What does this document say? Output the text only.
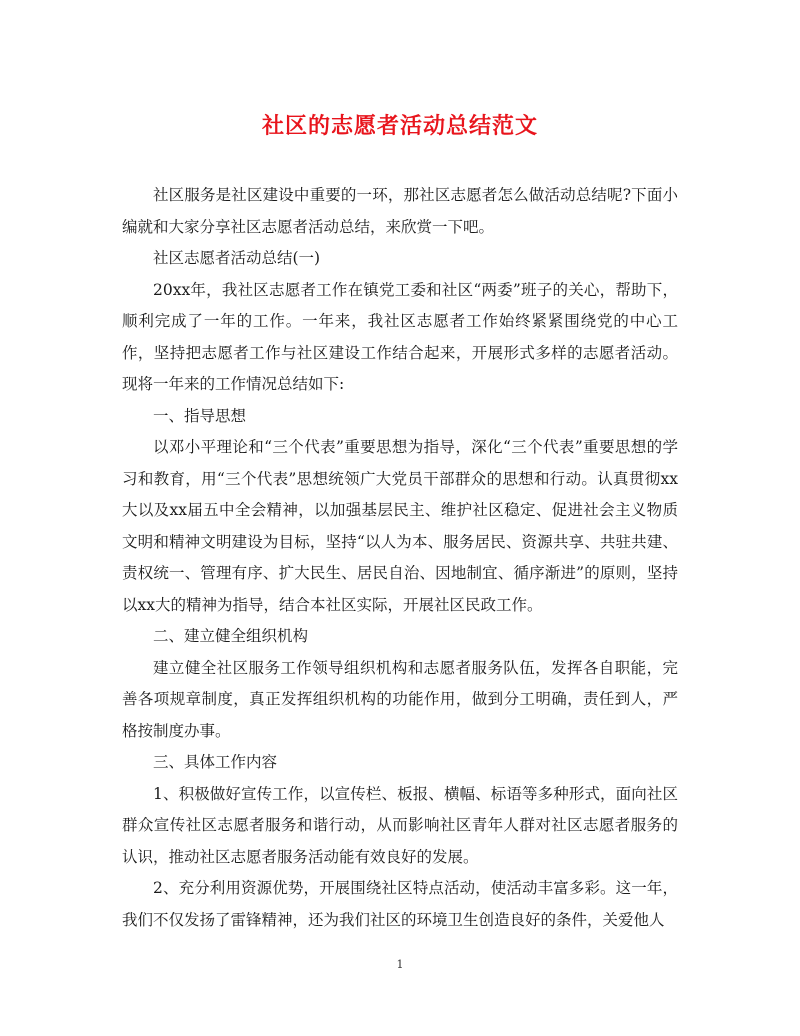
社区的志愿者活动总结范文

社区服务是社区建设中重要的一环，那社区志愿者怎么做活动总结呢?下面小编就和大家分享社区志愿者活动总结，来欣赏一下吧。

社区志愿者活动总结(一)

20xx年，我社区志愿者工作在镇党工委和社区“两委”班子的关心，帮助下，顺利完成了一年的工作。一年来，我社区志愿者工作始终紧紧围绕党的中心工作，坚持把志愿者工作与社区建设工作结合起来，开展形式多样的志愿者活动。现将一年来的工作情况总结如下:

一、指导思想

以邓小平理论和“三个代表”重要思想为指导，深化“三个代表”重要思想的学习和教育，用“三个代表”思想统领广大党员干部群众的思想和行动。认真贯彻xx大以及xx届五中全会精神，以加强基层民主、维护社区稳定、促进社会主义物质文明和精神文明建设为目标，坚持“以人为本、服务居民、资源共享、共驻共建、责权统一、管理有序、扩大民生、居民自治、因地制宜、循序渐进”的原则，坚持以xx大的精神为指导，结合本社区实际，开展社区民政工作。

二、建立健全组织机构

建立健全社区服务工作领导组织机构和志愿者服务队伍，发挥各自职能，完善各项规章制度，真正发挥组织机构的功能作用，做到分工明确，责任到人，严格按制度办事。

三、具体工作内容

1、积极做好宣传工作，以宣传栏、板报、横幅、标语等多种形式，面向社区群众宣传社区志愿者服务和谐行动，从而影响社区青年人群对社区志愿者服务的认识，推动社区志愿者服务活动能有效良好的发展。

2、充分利用资源优势，开展围绕社区特点活动，使活动丰富多彩。这一年，我们不仅发扬了雷锋精神，还为我们社区的环境卫生创造良好的条件，关爱他人

1
